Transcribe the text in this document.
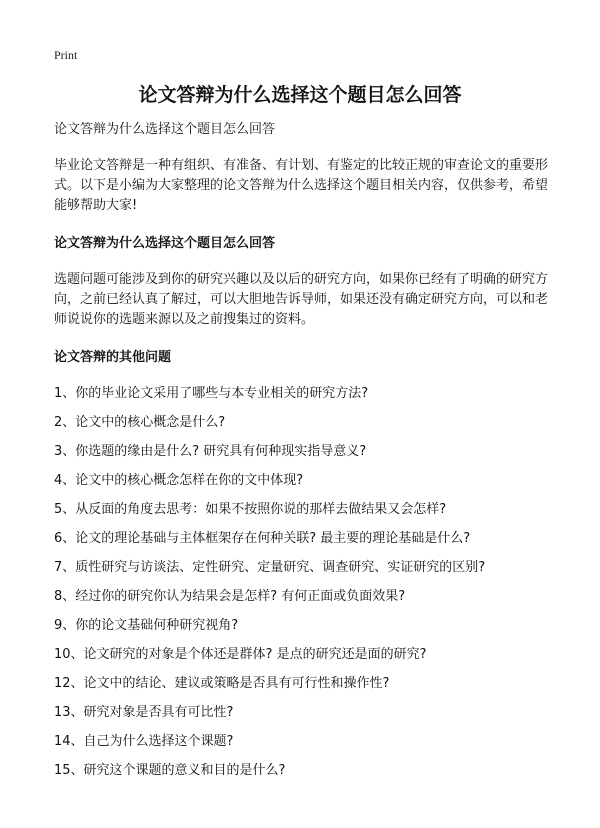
Print
论文答辩为什么选择这个题目怎么回答

论文答辩为什么选择这个题目怎么回答

毕业论文答辩是一种有组织、有准备、有计划、有鉴定的比较正规的审查论文的重要形式。以下是小编为大家整理的论文答辩为什么选择这个题目相关内容，仅供参考，希望能够帮助大家!

论文答辩为什么选择这个题目怎么回答

选题问题可能涉及到你的研究兴趣以及以后的研究方向，如果你已经有了明确的研究方向，之前已经认真了解过，可以大胆地告诉导师，如果还没有确定研究方向，可以和老师说说你的选题来源以及之前搜集过的资料。

论文答辩的其他问题

1、你的毕业论文采用了哪些与本专业相关的研究方法?
2、论文中的核心概念是什么?
3、你选题的缘由是什么? 研究具有何种现实指导意义?
4、论文中的核心概念怎样在你的文中体现?
5、从反面的角度去思考：如果不按照你说的那样去做结果又会怎样?
6、论文的理论基础与主体框架存在何种关联? 最主要的理论基础是什么?
7、质性研究与访谈法、定性研究、定量研究、调查研究、实证研究的区别?
8、经过你的研究你认为结果会是怎样? 有何正面或负面效果?
9、你的论文基础何种研究视角?
10、论文研究的对象是个体还是群体? 是点的研究还是面的研究?
12、论文中的结论、建议或策略是否具有可行性和操作性?
13、研究对象是否具有可比性?
14、自己为什么选择这个课题?
15、研究这个课题的意义和目的是什么?
